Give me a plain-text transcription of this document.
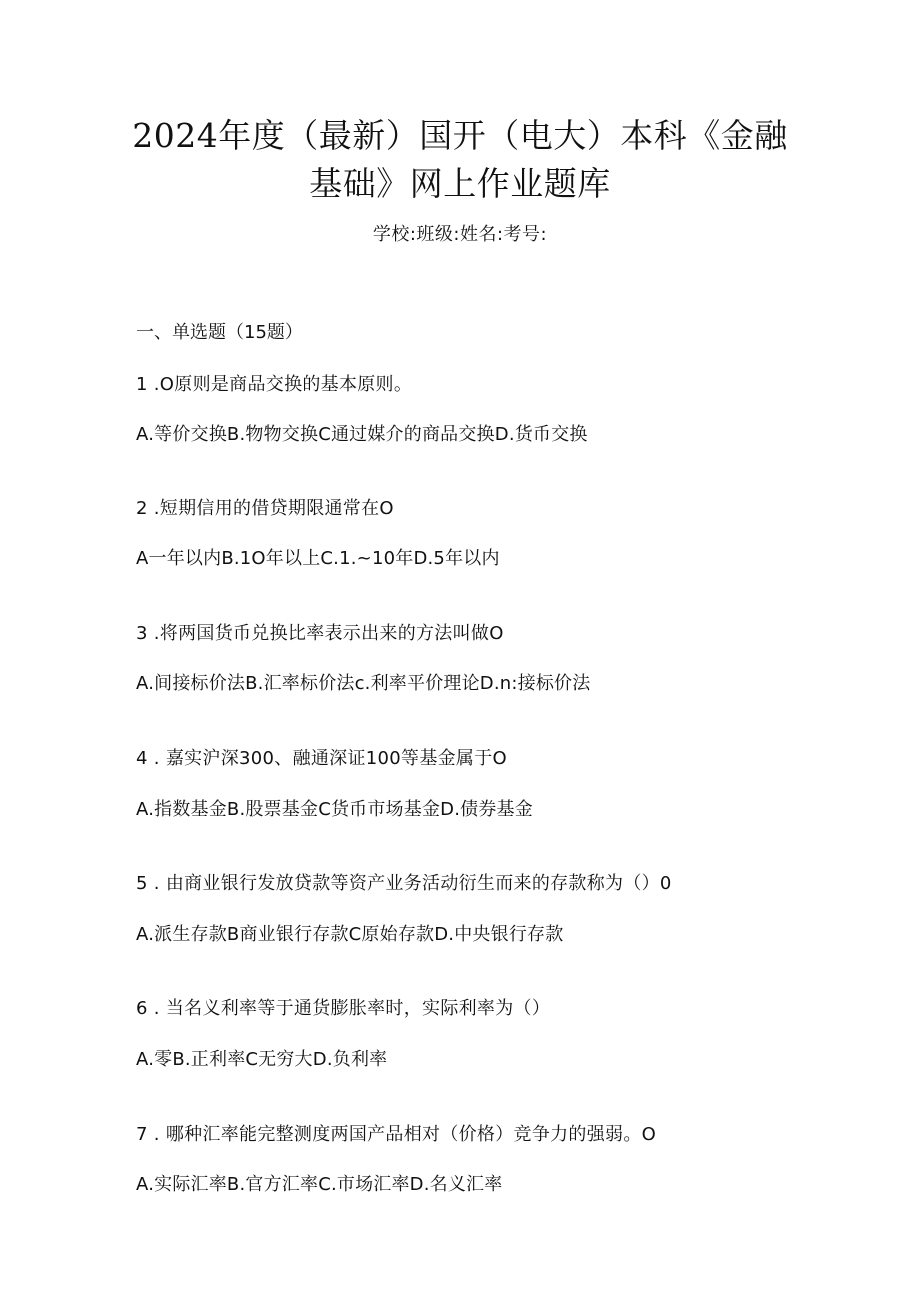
2024年度（最新）国开（电大）本科《金融
基础》网上作业题库
学校:班级:姓名:考号:
一、单选题（15题）
1 .O原则是商品交换的基本原则。
A.等价交换B.物物交换C通过媒介的商品交换D.货币交换
2 .短期信用的借贷期限通常在O
A一年以内B.1O年以上C.1.~10年D.5年以内
3 .将两国货币兑换比率表示出来的方法叫做O
A.间接标价法B.汇率标价法c.利率平价理论D.n:接标价法
4 . 嘉实沪深300、融通深证100等基金属于O
A.指数基金B.股票基金C货币市场基金D.债券基金
5 . 由商业银行发放贷款等资产业务活动衍生而来的存款称为（）0
A.派生存款B商业银行存款C原始存款D.中央银行存款
6 . 当名义利率等于通货膨胀率时，实际利率为（）
A.零B.正利率C无穷大D.负利率
7 . 哪种汇率能完整测度两国产品相对（价格）竞争力的强弱。O
A.实际汇率B.官方汇率C.市场汇率D.名义汇率
